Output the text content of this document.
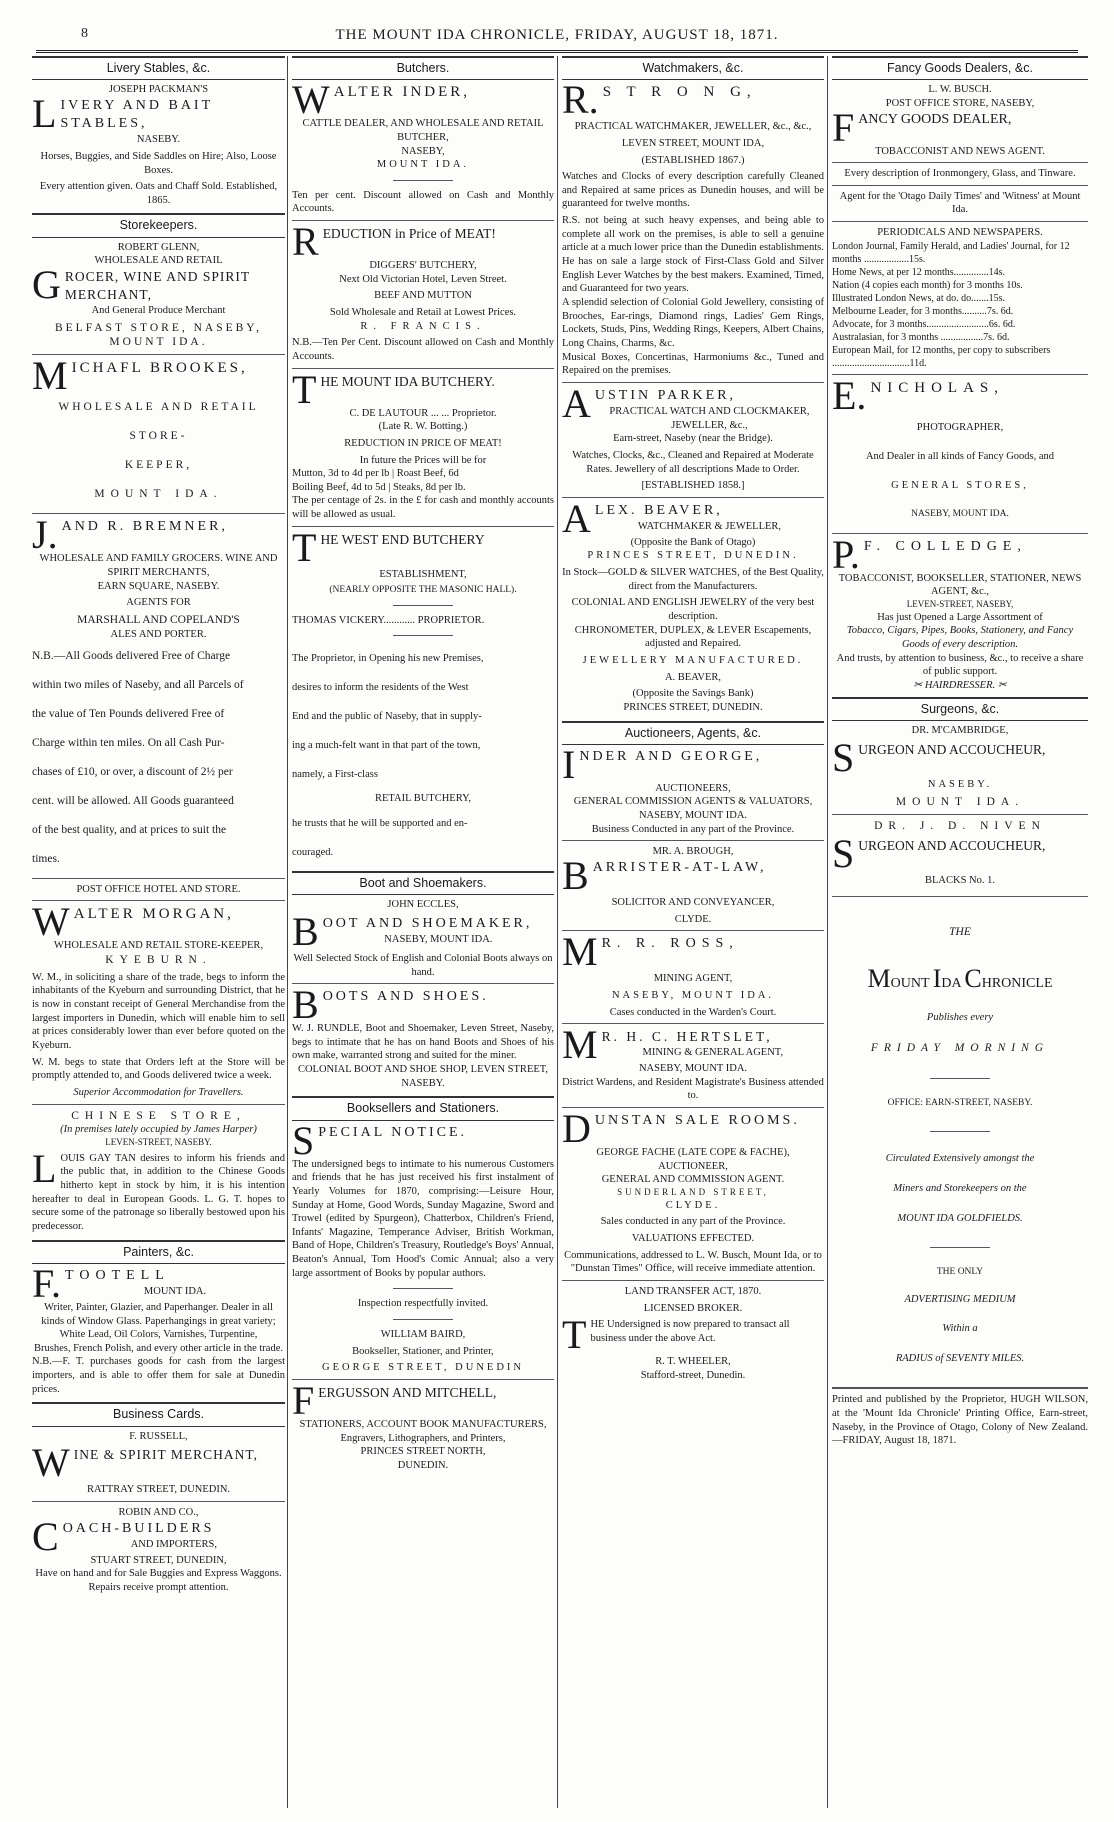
8	THE MOUNT IDA CHRONICLE, FRIDAY, AUGUST 18, 1871.
Livery Stables, &c.
JOSEPH PACKMAN'S
LIVERY AND BAIT STABLES,
NASEBY.
Horses, Buggies, and Side Saddles on Hire; Also, Loose Boxes.
Every attention given. Oats and Chaff Sold. Established, 1865.
Storekeepers.
ROBERT GLENN,
WHOLESALE AND RETAIL
GROCER, WINE AND SPIRIT MERCHANT,
And General Produce Merchant
BELFAST STORE, NASEBY, MOUNT IDA.
MICHAFL BROOKES,

WHOLESALE AND RETAIL STORE-

KEEPER,

MOUNT IDA.

J. AND R. BREMNER,
WHOLESALE AND FAMILY GROCERS. WINE AND SPIRIT MERCHANTS,
EARN SQUARE, NASEBY.
AGENTS FOR
MARSHALL AND COPELAND'S
ALES AND PORTER.

N.B.—All Goods delivered Free of Charge

within two miles of Naseby, and all Parcels of

the value of Ten Pounds delivered Free of

Charge within ten miles. On all Cash Pur-

chases of £10, or over, a discount of 2½ per

cent. will be allowed. All Goods guaranteed

of the best quality, and at prices to suit the

times.

POST OFFICE HOTEL AND STORE.
WALTER MORGAN,
WHOLESALE AND RETAIL STORE-KEEPER,
KYEBURN.
W. M., in soliciting a share of the trade, begs to inform the inhabitants of the Kyeburn and surrounding District, that he is now in constant receipt of General Merchandise from the largest importers in Dunedin, which will enable him to sell at prices considerably lower than ever before quoted on the Kyeburn.
W. M. begs to state that Orders left at the Store will be promptly attended to, and Goods delivered twice a week.
Superior Accommodation for Travellers.
CHINESE STORE,
(In premises lately occupied by James Harper)
LEVEN-STREET, NASEBY.
LOUIS GAY TAN desires to inform his friends and the public that, in addition to the Chinese Goods hitherto kept in stock by him, it is his intention hereafter to deal in European Goods. L. G. T. hopes to secure some of the patronage so liberally bestowed upon his predecessor.
Painters, &c.
F. TOOTELL
MOUNT IDA.
Writer, Painter, Glazier, and Paperhanger. Dealer in all kinds of Window Glass. Paperhangings in great variety; White Lead, Oil Colors, Varnishes, Turpentine,
Brushes, French Polish, and every other article in the trade.
N.B.—F. T. purchases goods for cash from the largest importers, and is able to offer them for sale at Dunedin prices.
Business Cards.
F. RUSSELL,
WINE & SPIRIT MERCHANT,
RATTRAY STREET, DUNEDIN.
ROBIN AND CO.,
COACH-BUILDERS
AND IMPORTERS,
STUART STREET, DUNEDIN,
Have on hand and for Sale Buggies and Express Waggons.
Repairs receive prompt attention.
Butchers.
WALTER INDER,
CATTLE DEALER, AND WHOLESALE AND RETAIL BUTCHER,
NASEBY,
MOUNT IDA.
Ten per cent. Discount allowed on Cash and Monthly Accounts.
REDUCTION in Price of MEAT!
DIGGERS' BUTCHERY,
Next Old Victorian Hotel, Leven Street.
BEEF AND MUTTON
Sold Wholesale and Retail at Lowest Prices.
R. FRANCIS.
N.B.—Ten Per Cent. Discount allowed on Cash and Monthly Accounts.
THE MOUNT IDA BUTCHERY.
C. DE LAUTOUR ... ... Proprietor.
(Late R. W. Botting.)
REDUCTION IN PRICE OF MEAT!
In future the Prices will be for
Mutton, 3d to 4d per lb | Roast Beef, 6d
Boiling Beef, 4d to 5d | Steaks, 8d per lb.
The per centage of 2s. in the £ for cash and monthly accounts will be allowed as usual.
THE WEST END BUTCHERY
ESTABLISHMENT,
(NEARLY OPPOSITE THE MASONIC HALL).
THOMAS VICKERY............ PROPRIETOR.

The Proprietor, in Opening his new Premises,

desires to inform the residents of the West

End and the public of Naseby, that in supply-

ing a much-felt want in that part of the town,

namely, a First-class

RETAIL BUTCHERY,

he trusts that he will be supported and en-

couraged.

Boot and Shoemakers.
JOHN ECCLES,
BOOT AND SHOEMAKER,
NASEBY, MOUNT IDA.
Well Selected Stock of English and Colonial Boots always on hand.
BOOTS AND SHOES.
W. J. RUNDLE, Boot and Shoemaker, Leven Street, Naseby, begs to intimate that he has on hand Boots and Shoes of his own make, warranted strong and suited for the miner.
COLONIAL BOOT AND SHOE SHOP, LEVEN STREET, NASEBY.
Booksellers and Stationers.
SPECIAL NOTICE.
The undersigned begs to intimate to his numerous Customers and friends that he has just received his first instalment of Yearly Volumes for 1870, comprising:—Leisure Hour, Sunday at Home, Good Words, Sunday Magazine, Sword and Trowel (edited by Spurgeon), Chatterbox, Children's Friend, Infants' Magazine, Temperance Adviser, British Workman, Band of Hope, Children's Treasury, Routledge's Boys' Annual, Beaton's Annual, Tom Hood's Comic Annual; also a very large assortment of Books by popular authors.
Inspection respectfully invited.
WILLIAM BAIRD,
Bookseller, Stationer, and Printer,
GEORGE STREET, DUNEDIN
FERGUSSON AND MITCHELL,
STATIONERS, ACCOUNT BOOK MANUFACTURERS,
Engravers, Lithographers, and Printers,
PRINCES STREET NORTH,
DUNEDIN.
Watchmakers, &c.
R. S T R O N G,
PRACTICAL WATCHMAKER, JEWELLER, &c., &c.,
LEVEN STREET, MOUNT IDA,
(ESTABLISHED 1867.)
Watches and Clocks of every description carefully Cleaned and Repaired at same prices as Dunedin houses, and will be guaranteed for twelve months.
R.S. not being at such heavy expenses, and being able to complete all work on the premises, is able to sell a genuine article at a much lower price than the Dunedin establishments.
He has on sale a large stock of First-Class Gold and Silver English Lever Watches by the best makers. Examined, Timed, and Guaranteed for two years.
A splendid selection of Colonial Gold Jewellery, consisting of Brooches, Ear-rings, Diamond rings, Ladies' Gem Rings, Lockets, Studs, Pins, Wedding Rings, Keepers, Albert Chains, Long Chains, Charms, &c.
Musical Boxes, Concertinas, Harmoniums &c., Tuned and Repaired on the premises.
AUSTIN PARKER,
PRACTICAL WATCH AND CLOCKMAKER, JEWELLER, &c.,
Earn-street, Naseby (near the Bridge).
Watches, Clocks, &c., Cleaned and Repaired at Moderate Rates. Jewellery of all descriptions Made to Order.
[ESTABLISHED 1858.]
ALEX. BEAVER,
WATCHMAKER & JEWELLER,
(Opposite the Bank of Otago)
PRINCES STREET, DUNEDIN.
In Stock—GOLD & SILVER WATCHES, of the Best Quality, direct from the Manufacturers.
COLONIAL AND ENGLISH JEWELRY of the very best description.
CHRONOMETER, DUPLEX, & LEVER Escapements, adjusted and Repaired.
JEWELLERY MANUFACTURED.
A. BEAVER,
(Opposite the Savings Bank)
PRINCES STREET, DUNEDIN.
Auctioneers, Agents, &c.
INDER AND GEORGE,
AUCTIONEERS,
GENERAL COMMISSION AGENTS & VALUATORS,
NASEBY, MOUNT IDA.
Business Conducted in any part of the Province.
MR. A. BROUGH,
BARRISTER-AT-LAW,
SOLICITOR AND CONVEYANCER,
CLYDE.
M R. R. ROSS,
MINING AGENT,
NASEBY, MOUNT IDA.
Cases conducted in the Warden's Court.
M R. H. C. HERTSLET,
MINING & GENERAL AGENT,
NASEBY, MOUNT IDA.
District Wardens, and Resident Magistrate's Business attended to.
DUNSTAN SALE ROOMS.
GEORGE FACHE (LATE COPE & FACHE),
AUCTIONEER,
GENERAL AND COMMISSION AGENT.
SUNDERLAND STREET,
CLYDE.
Sales conducted in any part of the Province.
VALUATIONS EFFECTED.
Communications, addressed to L. W. Busch, Mount Ida, or to "Dunstan Times" Office, will receive immediate attention.
LAND TRANSFER ACT, 1870.
LICENSED BROKER.
THE Undersigned is now prepared to transact all business under the above Act.
R. T. WHEELER,
Stafford-street, Dunedin.
Fancy Goods Dealers, &c.
L. W. BUSCH.
POST OFFICE STORE, NASEBY,
FANCY GOODS DEALER,
TOBACCONIST AND NEWS AGENT.
Every description of Ironmongery, Glass, and Tinware.
Agent for the 'Otago Daily Times' and 'Witness' at Mount Ida.
PERIODICALS AND NEWSPAPERS.
London Journal, Family Herald, and Ladies' Journal, for 12 months ..................15s.
Home News, at per 12 months..............14s.
Nation (4 copies each month) for 3 months 10s.
Illustrated London News, at do. do.......15s.
Melbourne Leader, for 3 months..........7s. 6d.
Advocate, for 3 months.........................6s. 6d.
Australasian, for 3 months .................7s. 6d.
European Mail, for 12 months, per copy to subscribers ...............................11d.
E. NICHOLAS,

PHOTOGRAPHER,

And Dealer in all kinds of Fancy Goods, and

GENERAL STORES,

NASEBY, MOUNT IDA.

P. F. COLLEDGE,
TOBACCONIST, BOOKSELLER, STATIONER, NEWS AGENT, &c.,
LEVEN-STREET, NASEBY,
Has just Opened a Large Assortment of
Tobacco, Cigars, Pipes, Books, Stationery, and Fancy Goods of every description.
And trusts, by attention to business, &c., to receive a share of public support.
✂ HAIRDRESSER. ✂
Surgeons, &c.
DR. M'CAMBRIDGE,
SURGEON AND ACCOUCHEUR,
NASEBY.
MOUNT IDA.
DR. J. D. NIVEN
SURGEON AND ACCOUCHEUR,
BLACKS No. 1.
THE
MOUNT IDA CHRONICLE
Publishes every
FRIDAY MORNING
OFFICE: EARN-STREET, NASEBY.
Circulated Extensively amongst the
Miners and Storekeepers on the
MOUNT IDA GOLDFIELDS.
THE ONLY
ADVERTISING MEDIUM
Within a
RADIUS of SEVENTY MILES.
Printed and published by the Proprietor, HUGH WILSON, at the 'Mount Ida Chronicle' Printing Office, Earn-street, Naseby, in the Province of Otago, Colony of New Zealand. —FRIDAY, August 18, 1871.
